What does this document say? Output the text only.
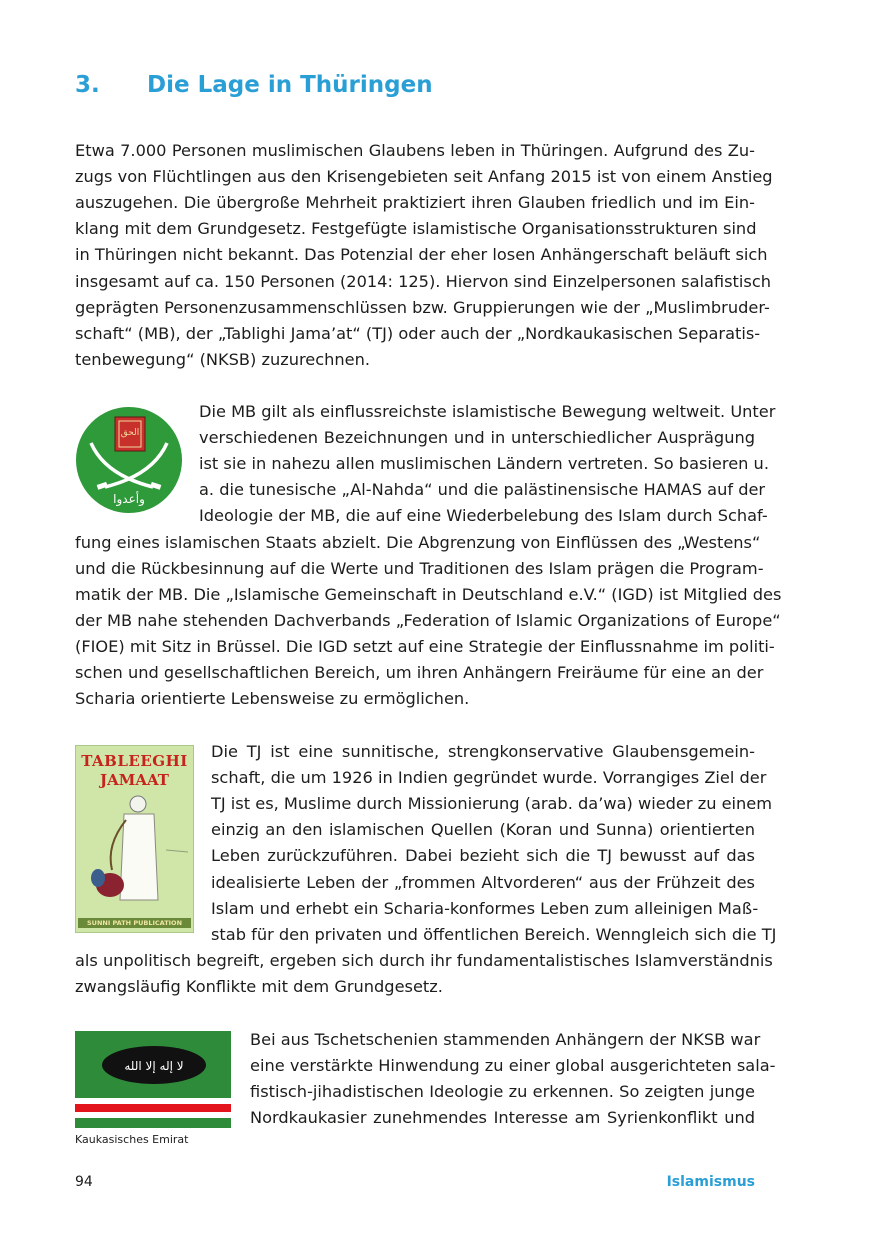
3. Die Lage in Thüringen
Etwa 7.000 Personen muslimischen Glaubens leben in Thüringen. Aufgrund des Zu-
zugs von Flüchtlingen aus den Krisengebieten seit Anfang 2015 ist von einem Anstieg
auszugehen. Die übergroße Mehrheit praktiziert ihren Glauben friedlich und im Ein-
klang mit dem Grundgesetz. Festgefügte islamistische Organisationsstrukturen sind
in Thüringen nicht bekannt. Das Potenzial der eher losen Anhängerschaft beläuft sich
insgesamt auf ca. 150 Personen (2014: 125). Hiervon sind Einzelpersonen salafistisch
geprägten Personenzusammenschlüssen bzw. Gruppierungen wie der „Muslimbruder-
schaft“ (MB), der „Tablighi Jama’at“ (TJ) oder auch der „Nordkaukasischen Separatis-
tenbewegung“ (NKSB) zuzurechnen.
Die MB gilt als einflussreichste islamistische Bewegung weltweit. Unter
verschiedenen Bezeichnungen und in unterschiedlicher Ausprägung
ist sie in nahezu allen muslimischen Ländern vertreten. So basieren u.
a. die tunesische „Al-Nahda“ und die palästinensische HAMAS auf der
Ideologie der MB, die auf eine Wiederbelebung des Islam durch Schaf-
fung eines islamischen Staats abzielt. Die Abgrenzung von Einflüssen des „Westens“
und die Rückbesinnung auf die Werte und Traditionen des Islam prägen die Program-
matik der MB. Die „Islamische Gemeinschaft in Deutschland e.V.“ (IGD) ist Mitglied des
der MB nahe stehenden Dachverbands „Federation of Islamic Organizations of Europe“
(FIOE) mit Sitz in Brüssel. Die IGD setzt auf eine Strategie der Einflussnahme im politi-
schen und gesellschaftlichen Bereich, um ihren Anhängern Freiräume für eine an der
Scharia orientierte Lebensweise zu ermöglichen.
Die TJ ist eine sunnitische, strengkonservative Glaubensgemein-
schaft, die um 1926 in Indien gegründet wurde. Vorrangiges Ziel der
TJ ist es, Muslime durch Missionierung (arab. da’wa) wieder zu einem
einzig an den islamischen Quellen (Koran und Sunna) orientierten
Leben zurückzuführen. Dabei bezieht sich die TJ bewusst auf das
idealisierte Leben der „frommen Altvorderen“ aus der Frühzeit des
Islam und erhebt ein Scharia-konformes Leben zum alleinigen Maß-
stab für den privaten und öffentlichen Bereich. Wenngleich sich die TJ
als unpolitisch begreift, ergeben sich durch ihr fundamentalistisches Islamverständnis
zwangsläufig Konflikte mit dem Grundgesetz.
Bei aus Tschetschenien stammenden Anhängern der NKSB war
eine verstärkte Hinwendung zu einer global ausgerichteten sala-
fistisch-jihadistischen Ideologie zu erkennen. So zeigten junge
Nordkaukasier zunehmendes Interesse am Syrienkonflikt und
الحق
وأعدوا
TABLEEGHI
JAMAAT
SUNNI PATH PUBLICATION
لا إله إلا الله
Kaukasisches Emirat
94	Islamismus
